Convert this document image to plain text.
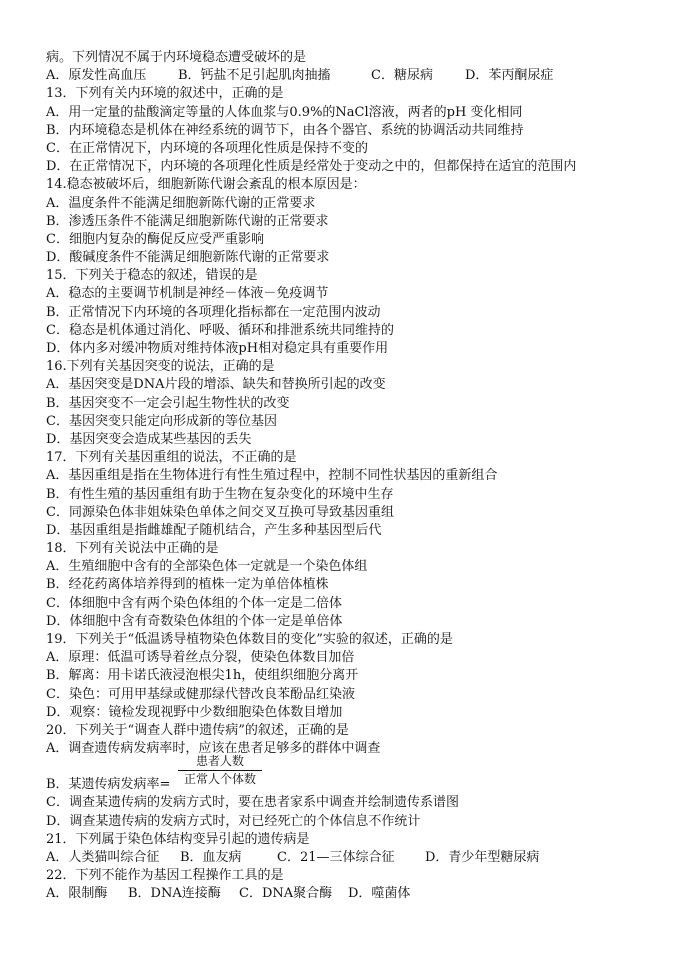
病。下列情况不属于内环境稳态遭受破坏的是
A．原发性高血压	B．钙盐不足引起肌肉抽搐	C．糖尿病	D．苯丙酮尿症
13．下列有关内环境的叙述中，正确的是
A．用一定量的盐酸滴定等量的人体血浆与0.9%的NaCl溶液，两者的pH 变化相同
B．内环境稳态是机体在神经系统的调节下，由各个器官、系统的协调活动共同维持
C．在正常情况下，内环境的各项理化性质是保持不变的
D．在正常情况下，内环境的各项理化性质是经常处于变动之中的，但都保持在适宜的范围内
14.稳态被破坏后，细胞新陈代谢会紊乱的根本原因是：
A．温度条件不能满足细胞新陈代谢的正常要求
B．渗透压条件不能满足细胞新陈代谢的正常要求
C．细胞内复杂的酶促反应受严重影响
D．酸碱度条件不能满足细胞新陈代谢的正常要求
15．下列关于稳态的叙述，错误的是
A．稳态的主要调节机制是神经－体液－免疫调节
B．正常情况下内环境的各项理化指标都在一定范围内波动
C．稳态是机体通过消化、呼吸、循环和排泄系统共同维持的
D．体内多对缓冲物质对维持体液pH相对稳定具有重要作用
16.下列有关基因突变的说法，正确的是
A．基因突变是DNA片段的增添、缺失和替换所引起的改变
B．基因突变不一定会引起生物性状的改变
C．基因突变只能定向形成新的等位基因
D．基因突变会造成某些基因的丢失
17．下列有关基因重组的说法，不正确的是
A．基因重组是指在生物体进行有性生殖过程中，控制不同性状基因的重新组合
B．有性生殖的基因重组有助于生物在复杂变化的环境中生存
C．同源染色体非姐妹染色单体之间交叉互换可导致基因重组
D．基因重组是指雌雄配子随机结合，产生多种基因型后代
18．下列有关说法中正确的是
A．生殖细胞中含有的全部染色体一定就是一个染色体组
B．经花药离体培养得到的植株一定为单倍体植株
C．体细胞中含有两个染色体组的个体一定是二倍体
D．体细胞中含有奇数染色体组的个体一定是单倍体
19．下列关于“低温诱导植物染色体数目的变化”实验的叙述，正确的是
A．原理：低温可诱导着丝点分裂，使染色体数目加倍
B．解离：用卡诺氏液浸泡根尖1h，使组织细胞分离开
C．染色：可用甲基绿或健那绿代替改良苯酚品红染液
D．观察：镜检发现视野中少数细胞染色体数目增加
20．下列关于“调查人群中遗传病”的叙述，正确的是
A．调查遗传病发病率时，应该在患者足够多的群体中调查
B．某遗传病发病率=
患者人数
正常人个体数
C．调查某遗传病的发病方式时，要在患者家系中调查并绘制遗传系谱图
D．调查某遗传病的发病方式时，对已经死亡的个体信息不作统计
21．下列属于染色体结构变异引起的遗传病是
A．人类猫叫综合征	B．血友病	C．21—三体综合征	D．青少年型糖尿病
22．下列不能作为基因工程操作工具的是
A．限制酶	B．DNA连接酶	C．DNA聚合酶	D．噬菌体
